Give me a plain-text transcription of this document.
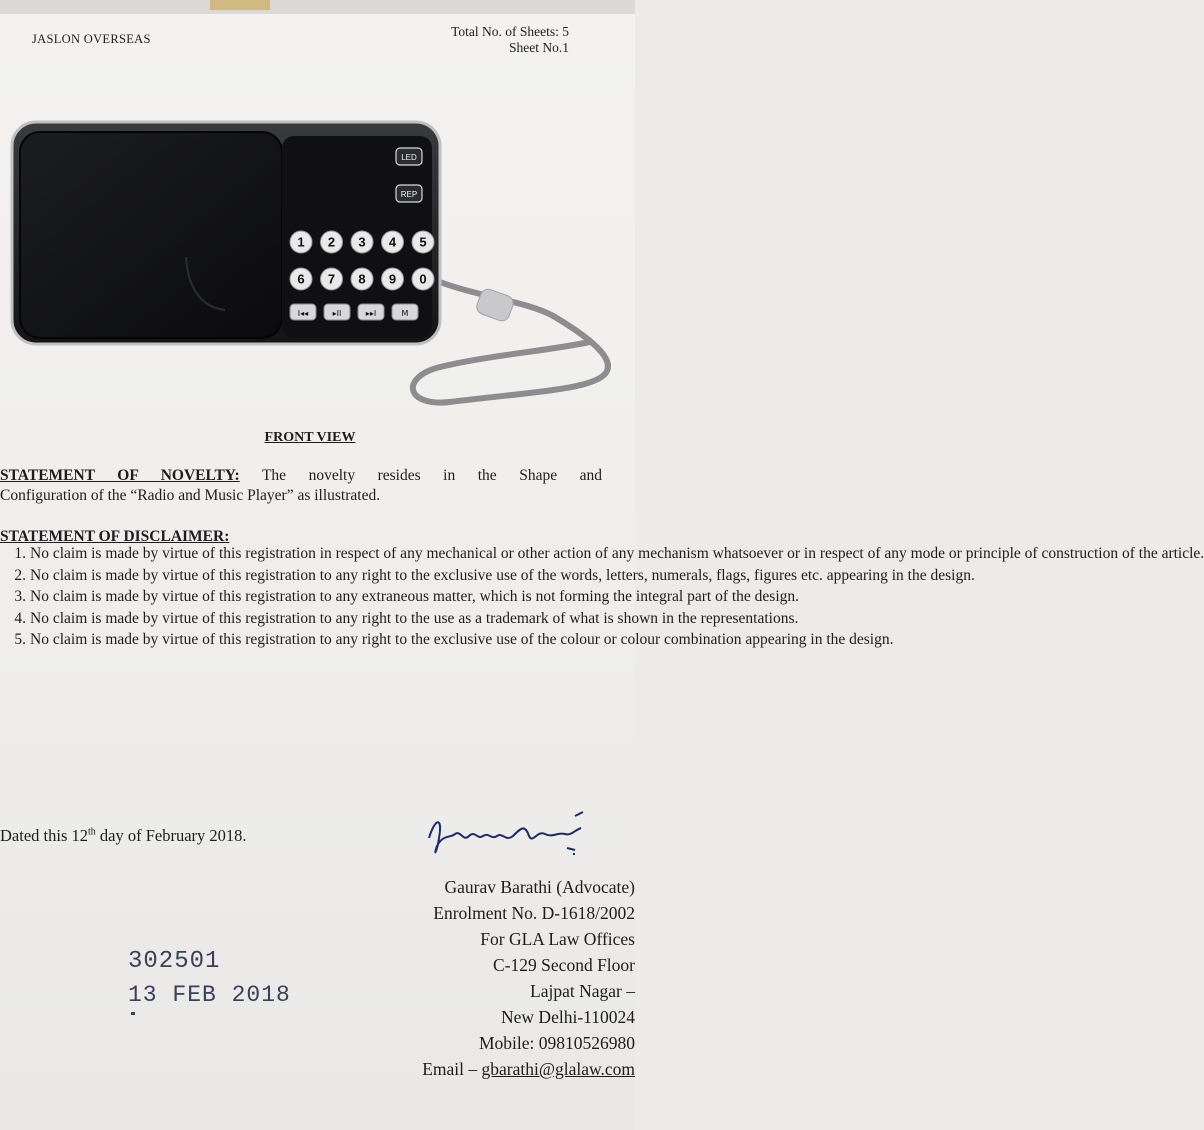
JASLON OVERSEAS	Total No. of Sheets: 5
Sheet No.1
LED
REP
1 2 3 4 5
6 7 8 9 0
I◂◂	▸II	▸▸I	M
FRONT VIEW
STATEMENT OF NOVELTY: The novelty resides in the Shape and
Configuration of the “Radio and Music Player” as illustrated.
STATEMENT OF DISCLAIMER:
1. No claim is made by virtue of this registration in respect of any mechanical or other action of any mechanism whatsoever or in respect of any mode or principle of construction of the article.
2. No claim is made by virtue of this registration to any right to the exclusive use of the words, letters, numerals, flags, figures etc. appearing in the design.
3. No claim is made by virtue of this registration to any extraneous matter, which is not forming the integral part of the design.
4. No claim is made by virtue of this registration to any right to the use as a trademark of what is shown in the representations.
5. No claim is made by virtue of this registration to any right to the exclusive use of the colour or colour combination appearing in the design.
Dated this 12th day of February 2018.
Gaurav Barathi (Advocate)
Enrolment No. D-1618/2002
For GLA Law Offices
C-129 Second Floor
Lajpat Nagar –
New Delhi-110024
Mobile: 09810526980
Email – gbarathi@glalaw.com
302501
13 FEB 2018
